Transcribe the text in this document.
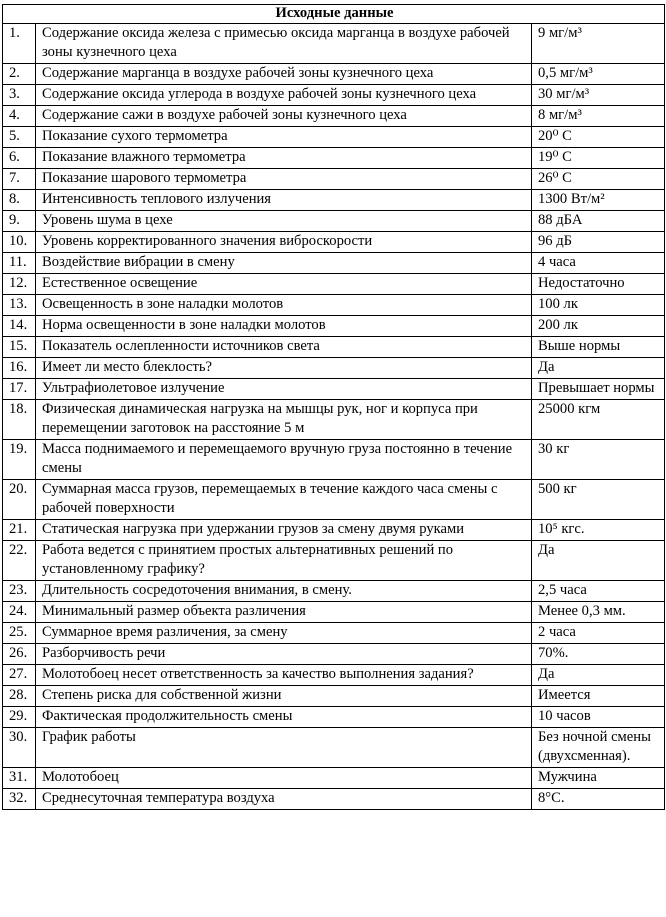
Исходные данные		
1.	Содержание оксида железа с примесью оксида марганца в воздухе рабочей зоны кузнечного цеха	9 мг/м³
2.	Содержание марганца в воздухе рабочей зоны кузнечного цеха	0,5 мг/м³
3.	Содержание оксида углерода в воздухе рабочей зоны кузнечного цеха	30 мг/м³
4.	Содержание сажи в воздухе рабочей зоны кузнечного цеха	8 мг/м³
5.	Показание сухого термометра	20⁰ С
6.	Показание влажного термометра	19⁰ С
7.	Показание шарового термометра	26⁰ С
8.	Интенсивность теплового излучения	1300 Вт/м²
9.	Уровень шума в цехе	88 дБА
10.	Уровень корректированного значения виброскорости	96 дБ
11.	Воздействие вибрации в смену	4 часа
12.	Естественное освещение	Недостаточно
13.	Освещенность в зоне наладки молотов	100 лк
14.	Норма освещенности в зоне наладки молотов	200 лк
15.	Показатель ослепленности источников света	Выше нормы
16.	Имеет ли место блеклость?	Да
17.	Ультрафиолетовое излучение	Превышает нормы
18.	Физическая динамическая нагрузка на мышцы рук, ног и корпуса при перемещении заготовок на расстояние 5 м	25000 кгм
19.	Масса поднимаемого и перемещаемого вручную груза постоянно в течение смены	30 кг
20.	Суммарная масса грузов, перемещаемых в течение каждого часа смены с рабочей поверхности	500 кг
21.	Статическая нагрузка при удержании грузов за смену двумя руками	10⁵ кгс.
22.	Работа ведется с принятием простых альтернативных решений по установленному графику?	Да
23.	Длительность сосредоточения внимания, в смену.	2,5 часа
24.	Минимальный размер объекта различения	Менее 0,3 мм.
25.	Суммарное время различения, за смену	2 часа
26.	Разборчивость речи	70%.
27.	Молотобоец несет ответственность за качество выполнения задания?	Да
28.	Степень риска для собственной жизни	Имеется
29.	Фактическая продолжительность смены	10 часов
30.	График работы	Без ночной смены (двухсменная).
31.	Молотобоец	Мужчина
32.	Среднесуточная температура воздуха	8°С.
